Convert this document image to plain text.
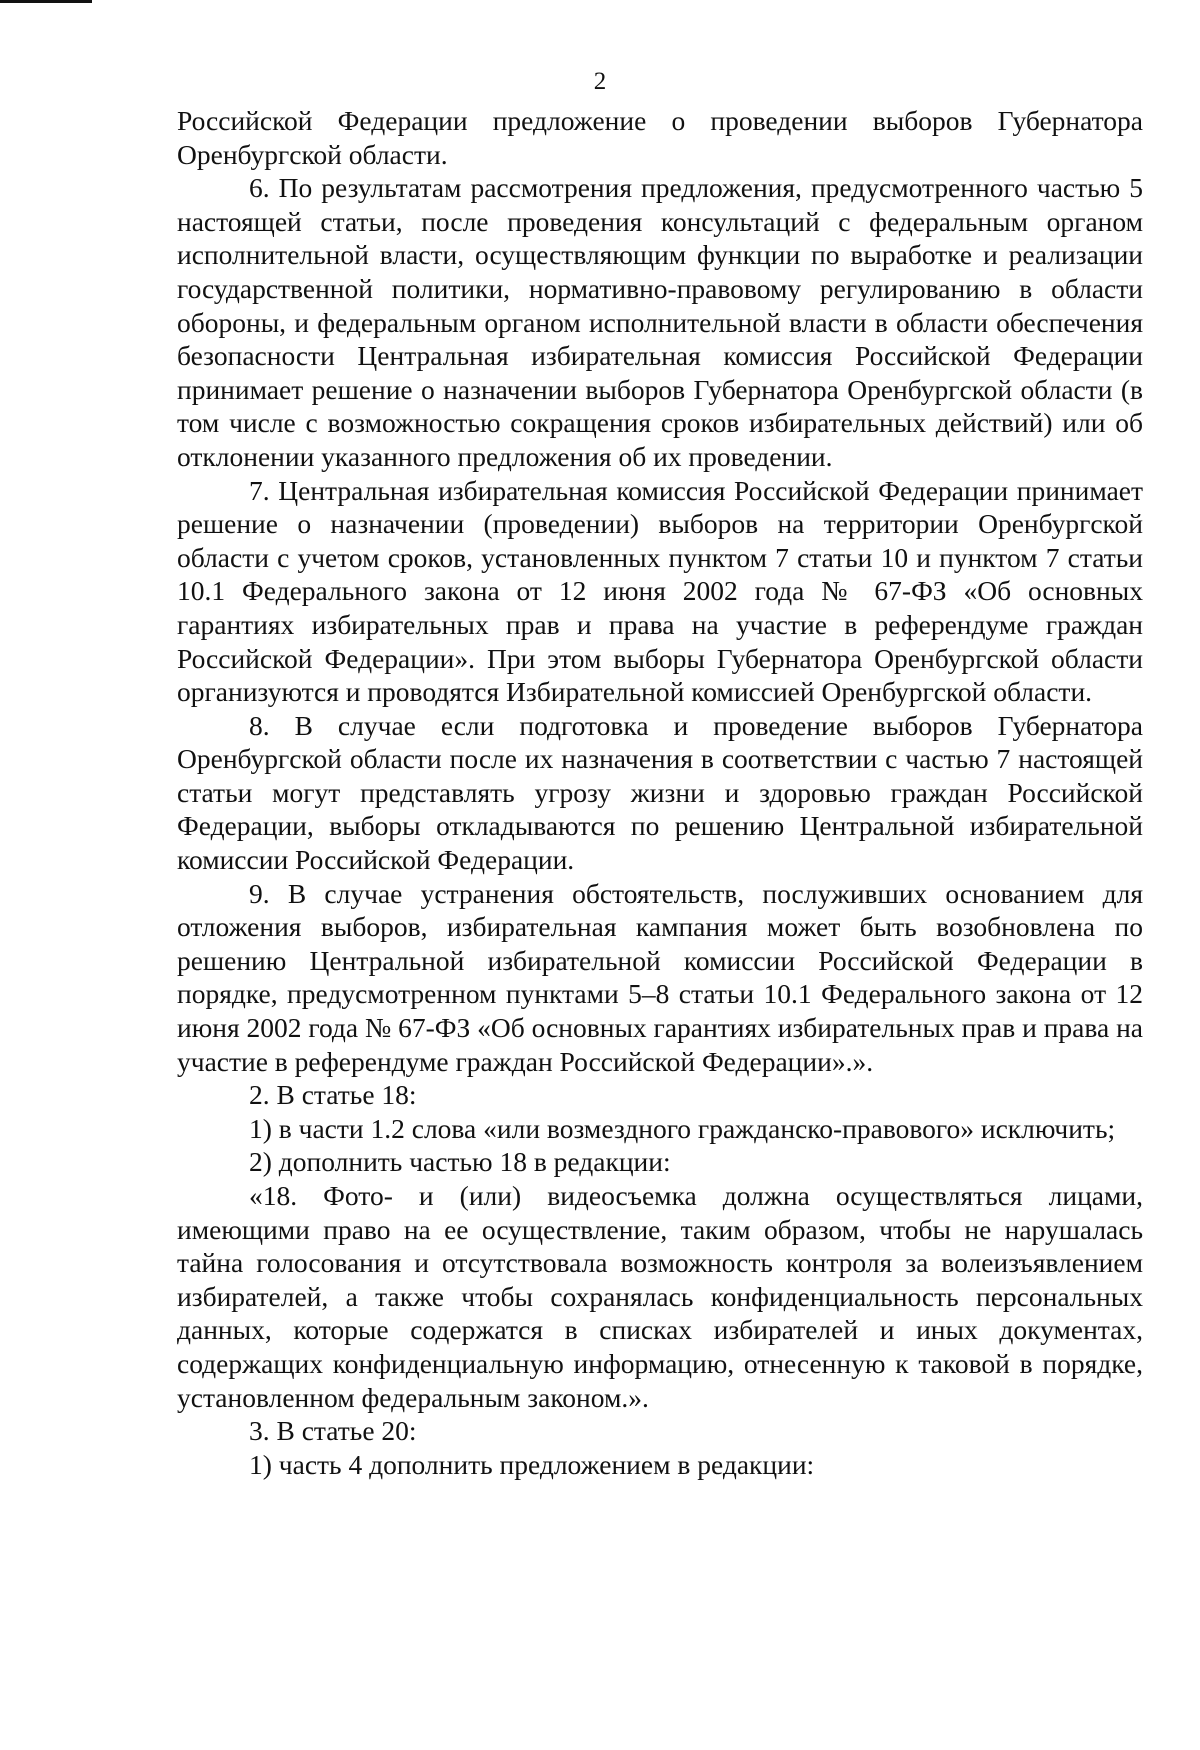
2

Российской Федерации предложение о проведении выборов Губернатора Оренбургской области.

6. По результатам рассмотрения предложения, предусмотренного частью 5 настоящей статьи, после проведения консультаций с федеральным органом исполнительной власти, осуществляющим функции по выработке и реализации государственной политики, нормативно-правовому регулированию в области обороны, и федеральным органом исполнительной власти в области обеспечения безопасности Центральная избирательная комиссия Российской Федерации принимает решение о назначении выборов Губернатора Оренбургской области (в том числе с возможностью сокращения сроков избирательных действий) или об отклонении указанного предложения об их проведении.

7. Центральная избирательная комиссия Российской Федерации принимает решение о назначении (проведении) выборов на территории Оренбургской области с учетом сроков, установленных пунктом 7 статьи 10 и пунктом 7 статьи 10.1 Федерального закона от 12 июня 2002 года № 67-ФЗ «Об основных гарантиях избирательных прав и права на участие в референдуме граждан Российской Федерации». При этом выборы Губернатора Оренбургской области организуются и проводятся Избирательной комиссией Оренбургской области.

8. В случае если подготовка и проведение выборов Губернатора Оренбургской области после их назначения в соответствии с частью 7 настоящей статьи могут представлять угрозу жизни и здоровью граждан Российской Федерации, выборы откладываются по решению Центральной избирательной комиссии Российской Федерации.

9. В случае устранения обстоятельств, послуживших основанием для отложения выборов, избирательная кампания может быть возобновлена по решению Центральной избирательной комиссии Российской Федерации в порядке, предусмотренном пунктами 5–8 статьи 10.1 Федерального закона от 12 июня 2002 года № 67-ФЗ «Об основных гарантиях избирательных прав и права на участие в референдуме граждан Российской Федерации».».

2. В статье 18:

1) в части 1.2 слова «или возмездного гражданско-правового» исключить;

2) дополнить частью 18 в редакции:

«18. Фото- и (или) видеосъемка должна осуществляться лицами, имеющими право на ее осуществление, таким образом, чтобы не нарушалась тайна голосования и отсутствовала возможность контроля за волеизъявлением избирателей, а также чтобы сохранялась конфиденциальность персональных данных, которые содержатся в списках избирателей и иных документах, содержащих конфиденциальную информацию, отнесенную к таковой в порядке, установленном федеральным законом.».

3. В статье 20:

1) часть 4 дополнить предложением в редакции:
